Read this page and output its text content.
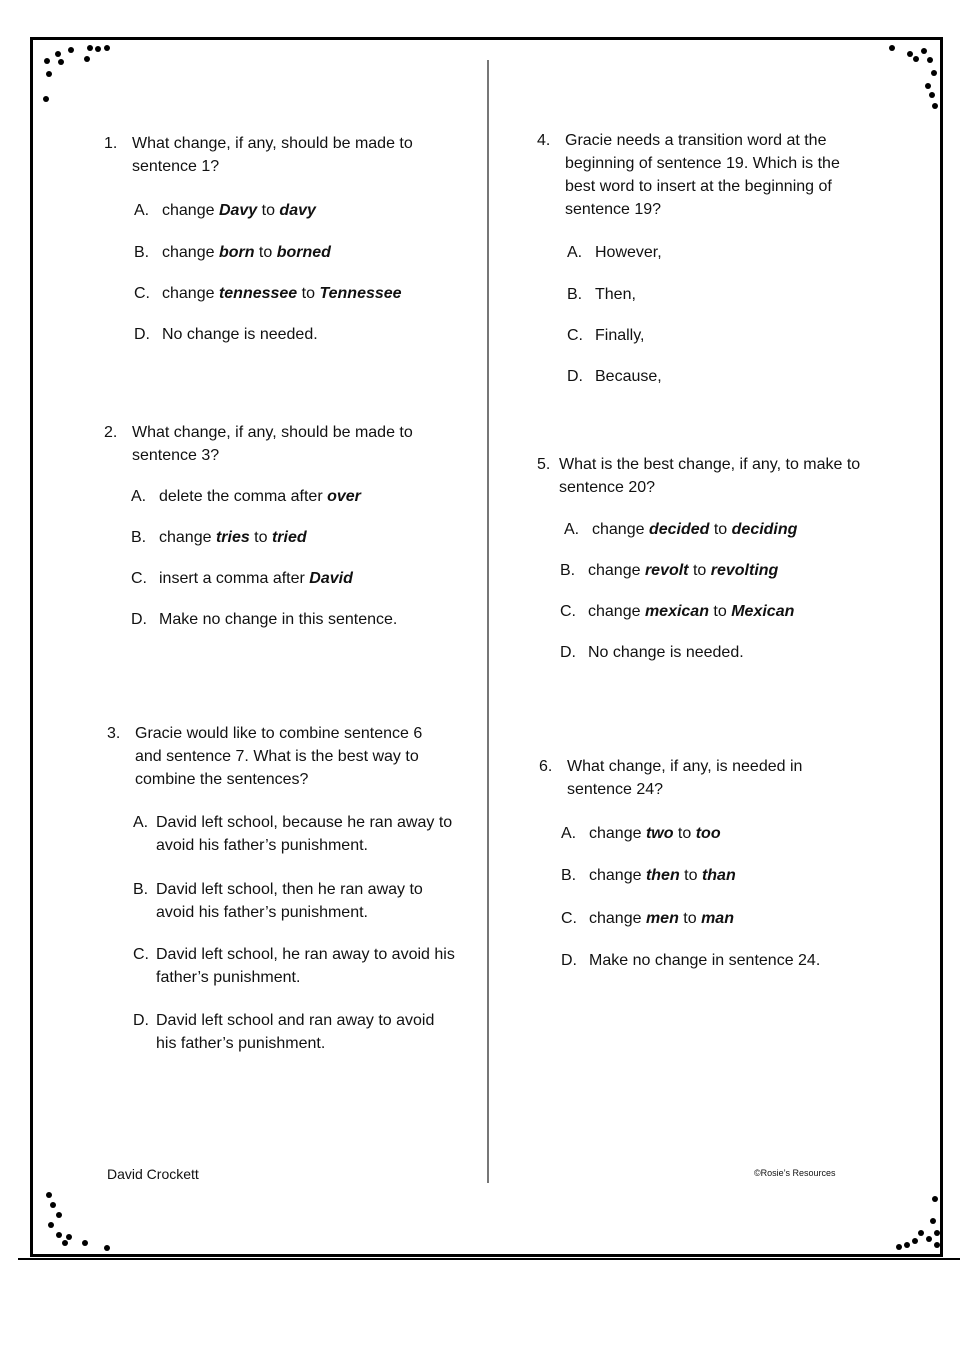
1. What change, if any, should be made to sentence 1?
A. change Davy to davy
B. change born to borned
C. change tennessee to Tennessee
D. No change is needed.
2. What change, if any, should be made to sentence 3?
A. delete the comma after over
B. change tries to tried
C. insert a comma after David
D. Make no change in this sentence.
3. Gracie would like to combine sentence 6 and sentence 7. What is the best way to combine the sentences?
A. David left school, because he ran away to avoid his father’s punishment.
B. David left school, then he ran away to avoid his father’s punishment.
C. David left school, he ran away to avoid his father’s punishment.
D. David left school and ran away to avoid his father’s punishment.
4. Gracie needs a transition word at the beginning of sentence 19. Which is the best word to insert at the beginning of sentence 19?
A. However,
B. Then,
C. Finally,
D. Because,
5. What is the best change, if any, to make to sentence 20?
A. change decided to deciding
B. change revolt to revolting
C. change mexican to Mexican
D. No change is needed.
6. What change, if any, is needed in sentence 24?
A. change two to too
B. change then to than
C. change men to man
D. Make no change in sentence 24.
David Crockett	©Rosie’s Resources
